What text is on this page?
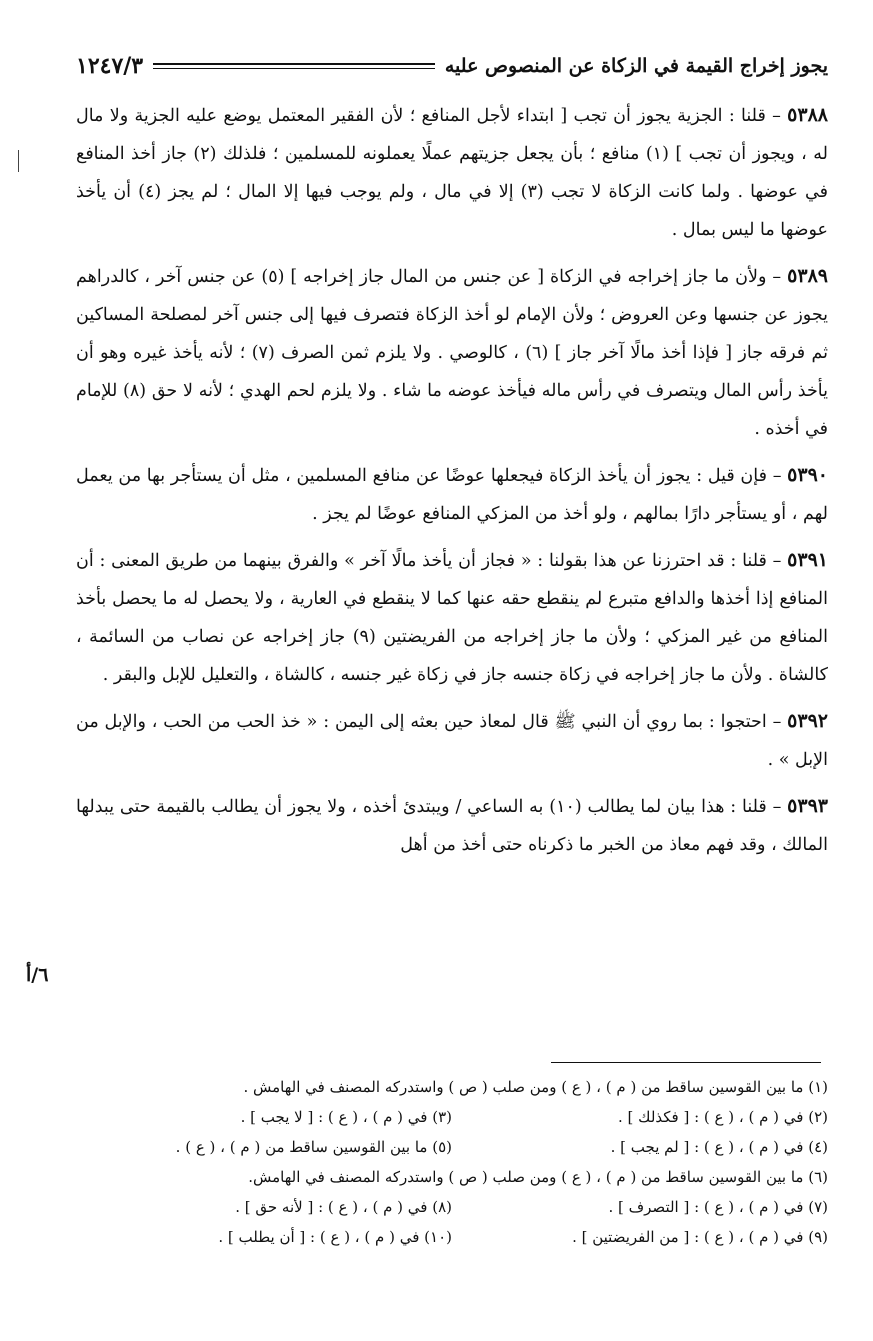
يجوز إخراج القيمة في الزكاة عن المنصوص عليه
١٢٤٧/٣

٥٣٨٨ – قلنا : الجزية يجوز أن تجب [ ابتداء لأجل المنافع ؛ لأن الفقير المعتمل يوضع عليه الجزية ولا مال له ، ويجوز أن تجب ] (١) منافع ؛ بأن يجعل جزيتهم عملًا يعملونه للمسلمين ؛ فلذلك (٢) جاز أخذ المنافع في عوضها . ولما كانت الزكاة لا تجب (٣) إلا في مال ، ولم يوجب فيها إلا المال ؛ لم يجز (٤) أن يأخذ عوضها ما ليس بمال .

٥٣٨٩ – ولأن ما جاز إخراجه في الزكاة [ عن جنس من المال جاز إخراجه ] (٥) عن جنس آخر ، كالدراهم يجوز عن جنسها وعن العروض ؛ ولأن الإمام لو أخذ الزكاة فتصرف فيها إلى جنس آخر لمصلحة المساكين ثم فرقه جاز [ فإذا أخذ مالًا آخر جاز ] (٦) ، كالوصي . ولا يلزم ثمن الصرف (٧) ؛ لأنه يأخذ غيره وهو أن يأخذ رأس المال ويتصرف في رأس ماله فيأخذ عوضه ما شاء . ولا يلزم لحم الهدي ؛ لأنه لا حق (٨) للإمام في أخذه .

٥٣٩٠ – فإن قيل : يجوز أن يأخذ الزكاة فيجعلها عوضًا عن منافع المسلمين ، مثل أن يستأجر بها من يعمل لهم ، أو يستأجر دارًا بمالهم ، ولو أخذ من المزكي المنافع عوضًا لم يجز .

٥٣٩١ – قلنا : قد احترزنا عن هذا بقولنا : « فجاز أن يأخذ مالًا آخر » والفرق بينهما من طريق المعنى : أن المنافع إذا أخذها والدافع متبرع لم ينقطع حقه عنها كما لا ينقطع في العارية ، ولا يحصل له ما يحصل بأخذ المنافع من غير المزكي ؛ ولأن ما جاز إخراجه من الفريضتين (٩) جاز إخراجه عن نصاب من السائمة ، كالشاة . ولأن ما جاز إخراجه في زكاة جنسه جاز في زكاة غير جنسه ، كالشاة ، والتعليل للإبل والبقر .

٥٣٩٢ – احتجوا : بما روي أن النبي ﷺ قال لمعاذ حين بعثه إلى اليمن : « خذ الحب من الحب ، والإبل من الإبل » .

٥٣٩٣ – قلنا : هذا بيان لما يطالب (١٠) به الساعي / ويبتدئ أخذه ، ولا يجوز أن يطالب بالقيمة حتى يبدلها المالك ، وقد فهم معاذ من الخبر ما ذكرناه حتى أخذ من أهل

٦/أ
(١) ما بين القوسين ساقط من ( م ) ، ( ع ) ومن صلب ( ص ) واستدركه المصنف في الهامش .
(٢) في ( م ) ، ( ع ) : [ فكذلك ] .
(٣) في ( م ) ، ( ع ) : [ لا يجب ] .
(٤) في ( م ) ، ( ع ) : [ لم يجب ] .
(٥) ما بين القوسين ساقط من ( م ) ، ( ع ) .
(٦) ما بين القوسين ساقط من ( م ) ، ( ع ) ومن صلب ( ص ) واستدركه المصنف في الهامش.
(٧) في ( م ) ، ( ع ) : [ التصرف ] .
(٨) في ( م ) ، ( ع ) : [ لأنه حق ] .
(٩) في ( م ) ، ( ع ) : [ من الفريضتين ] .
(١٠) في ( م ) ، ( ع ) : [ أن يطلب ] .
